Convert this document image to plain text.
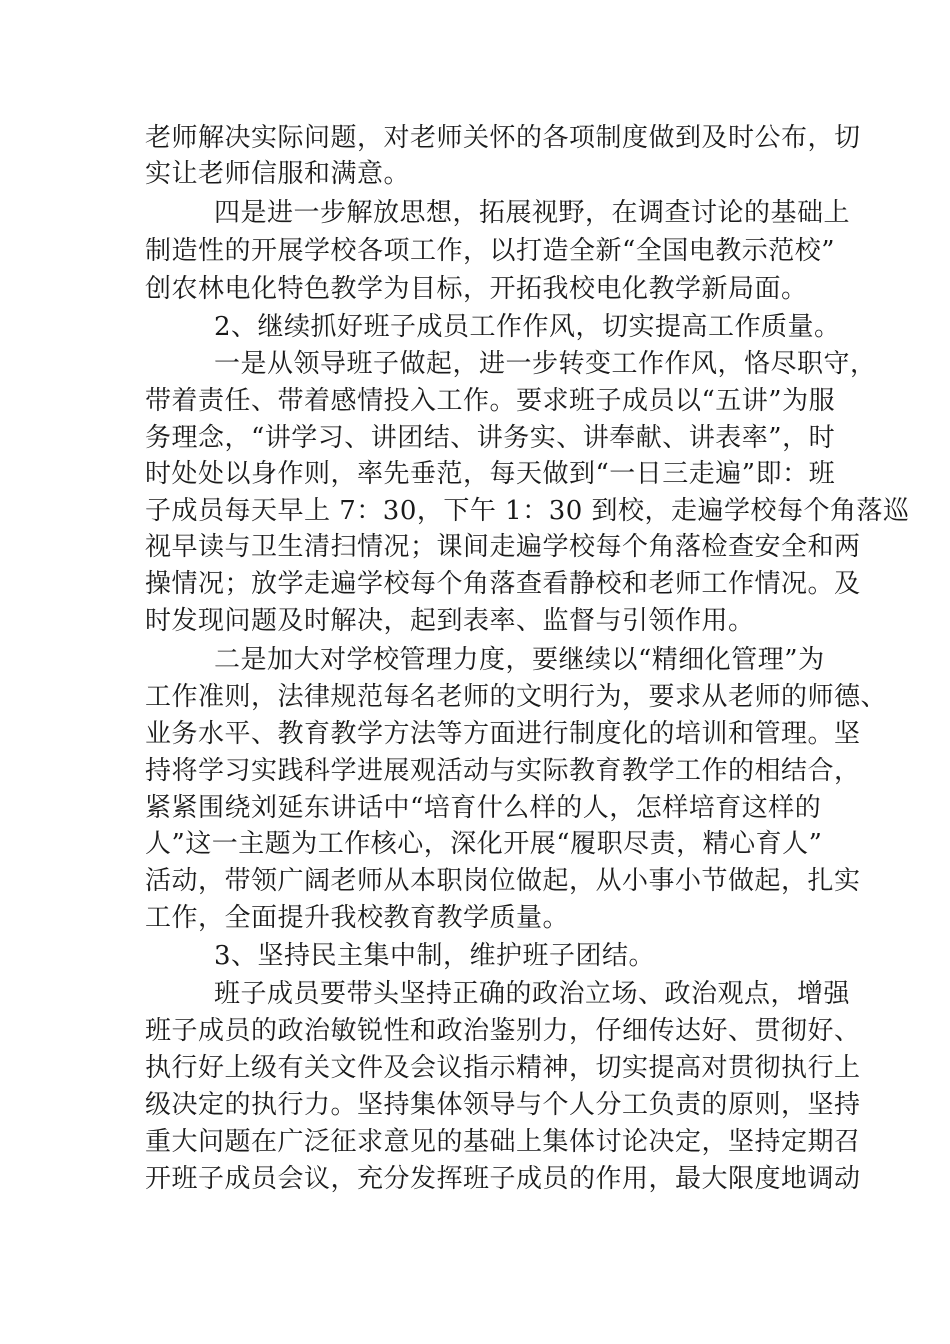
老师解决实际问题，对老师关怀的各项制度做到及时公布，切
实让老师信服和满意。
四是进一步解放思想，拓展视野，在调查讨论的基础上
制造性的开展学校各项工作，以打造全新“全国电教示范校”
创农林电化特色教学为目标，开拓我校电化教学新局面。
2、继续抓好班子成员工作作风，切实提高工作质量。
一是从领导班子做起，进一步转变工作作风，恪尽职守，
带着责任、带着感情投入工作。要求班子成员以“五讲”为服
务理念，“讲学习、讲团结、讲务实、讲奉献、讲表率”，时
时处处以身作则，率先垂范，每天做到“一日三走遍”即：班
子成员每天早上 7：30，下午 1：30 到校，走遍学校每个角落巡
视早读与卫生清扫情况；课间走遍学校每个角落检查安全和两
操情况；放学走遍学校每个角落查看静校和老师工作情况。及
时发现问题及时解决，起到表率、监督与引领作用。
二是加大对学校管理力度，要继续以“精细化管理”为
工作准则，法律规范每名老师的文明行为，要求从老师的师德、
业务水平、教育教学方法等方面进行制度化的培训和管理。坚
持将学习实践科学进展观活动与实际教育教学工作的相结合，
紧紧围绕刘延东讲话中“培育什么样的人，怎样培育这样的
人”这一主题为工作核心，深化开展“履职尽责，精心育人”
活动，带领广阔老师从本职岗位做起，从小事小节做起，扎实
工作，全面提升我校教育教学质量。
3、坚持民主集中制，维护班子团结。
班子成员要带头坚持正确的政治立场、政治观点，增强
班子成员的政治敏锐性和政治鉴别力，仔细传达好、贯彻好、
执行好上级有关文件及会议指示精神，切实提高对贯彻执行上
级决定的执行力。坚持集体领导与个人分工负责的原则，坚持
重大问题在广泛征求意见的基础上集体讨论决定，坚持定期召
开班子成员会议，充分发挥班子成员的作用，最大限度地调动
